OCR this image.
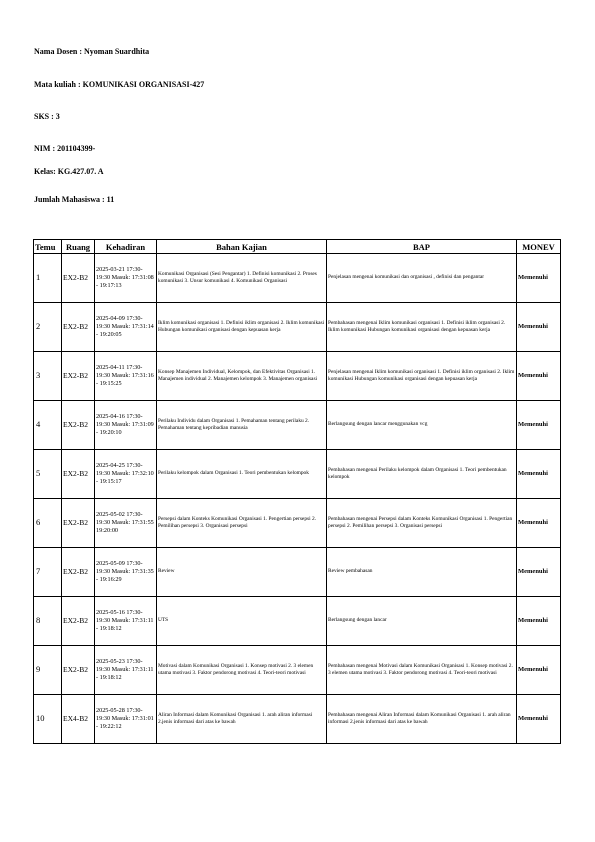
Nama Dosen : Nyoman Suardhita
Mata kuliah : KOMUNIKASI ORGANISASI-427
SKS : 3
NIM : 201104399-
Kelas: KG.427.07. A
Jumlah Mahasiswa : 11
Temu	Ruang	Kehadiran	Bahan Kajian	BAP	MONEV
1	EX2-B2	2025-03-21 17:30-19:30 Masuk: 17:31:08 - 19:17:13	Komunikasi Organisasi (Sesi Pengantar) 1. Definisi komunikasi 2. Proses komunikasi 3. Unsur komunikasi 4. Komunikasi Organisasi	Penjelasan mengenai komunikasi dan organisasi , definisi dan pengantar	Memenuhi
2	EX2-B2	2025-04-09 17:30-19:30 Masuk: 17:31:14 - 19:20:05	Iklim komunikasi organisasi 1. Definisi iklim organisasi 2. Iklim komunikasi Hubungan komunikasi organisasi dengan kepuasan kerja	Pembahasan mengenai Iklim komunikasi organisasi 1. Definisi iklim organisasi 2. Iklim komunikasi Hubungan komunikasi organisasi dengan kepuasan kerja	Memenuhi
3	EX2-B2	2025-04-11 17:30-19:30 Masuk: 17:31:16 - 19:15:25	Konsep Manajemen Individual, Kelompok, dan Efektivitas Organisasi 1. Manajemen individual 2. Manajemen kelompok 3. Manajemen organisasi	Penjelasan mengenai Iklim komunikasi organisasi 1. Definisi iklim organisasi 2. Iklim komunikasi Hubungan komunikasi organisasi dengan kepuasan kerja	Memenuhi
4	EX2-B2	2025-04-16 17:30-19:30 Masuk: 17:31:09 - 19:20:10	Perilaku Individu dalam Organisasi 1. Pemahaman tentang perilaku 2. Pemahaman tentang kepribadian manusia	Berlangsung dengan lancar menggunakan vcg	Memenuhi
5	EX2-B2	2025-04-25 17:30-19:30 Masuk: 17:32:10 - 19:15:17	Perilaku kelompok dalam Organisasi 1. Teori pembentukan kelompok	Pembahasan mengenai Perilaku kelompok dalam Organisasi 1. Teori pembentukan kelompok	Memenuhi
6	EX2-B2	2025-05-02 17:30-19:30 Masuk: 17:31:55 19:20:00	Persepsi dalam Konteks Komunikasi Organisasi 1. Pengertian persepsi 2. Pemilihan persepsi 3. Organisasi persepsi	Pembahasan mengenai Persepsi dalam Konteks Komunikasi Organisasi 1. Pengertian persepsi 2. Pemilihan persepsi 3. Organisasi persepsi	Memenuhi
7	EX2-B2	2025-05-09 17:30-19:30 Masuk: 17:31:35 - 19:16:29	Review	Review pembahasan	Memenuhi
8	EX2-B2	2025-05-16 17:30-19:30 Masuk: 17:31:11 - 19:18:12	UTS	Berlangsung dengan lancar	Memenuhi
9	EX2-B2	2025-05-23 17:30-19:30 Masuk: 17:31:11 - 19:18:12	Motivasi dalam Komunikasi Organisasi 1. Konsep motivasi 2. 3 elemen utama motivasi 3. Faktor pendorong motivasi 4. Teori-teori motivasi	Pembahasan mengenai Motivasi dalam Komunikasi Organisasi 1. Konsep motivasi 2. 3 elemen utama motivasi 3. Faktor pendorong motivasi 4. Teori-teori motivasi	Memenuhi
10	EX4-B2	2025-05-28 17:30-19:30 Masuk: 17:31:01 - 19:22:12	Aliran Informasi dalam Komunikasi Organisasi 1. arah aliran informasi 2.jenis informasi dari atas ke bawah	Pembahasan mengenai Aliran Informasi dalam Komunikasi Organisasi 1. arah aliran informasi 2.jenis informasi dari atas ke bawah	Memenuhi
